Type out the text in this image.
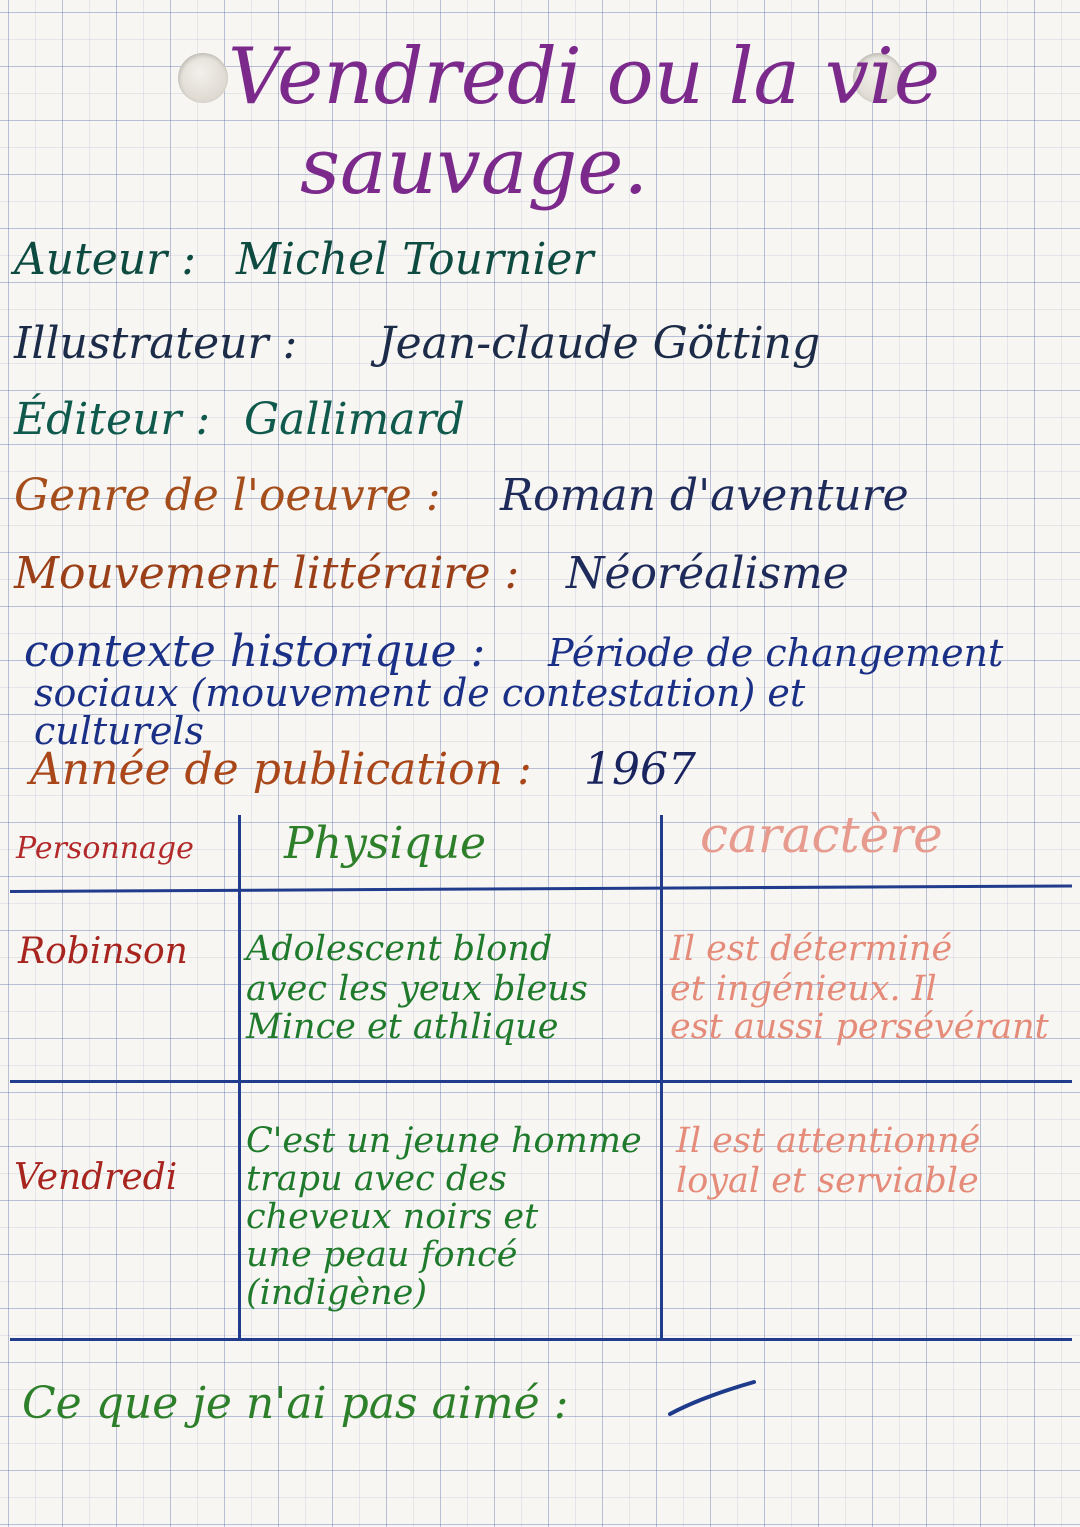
Vendredi ou la vie
sauvage.
Auteur : Michel Tournier
Illustrateur : Jean-claude Götting
Éditeur : Gallimard
Genre de l'oeuvre : Roman d'aventure
Mouvement littéraire : Néoréalisme
contexte historique : Période de changement
sociaux (mouvement de contestation) et
culturels
Année de publication : 1967
Personnage Physique	caractère
Robinson Adolescent blond
avec les yeux bleus
Mince et athlique
Il est déterminé
et ingénieux. Il
est aussi persévérant
Vendredi
C'est un jeune homme
trapu avec des
cheveux noirs et
une peau foncé
(indigène)
Il est attentionné
loyal et serviable
Ce que je n'ai pas aimé :
